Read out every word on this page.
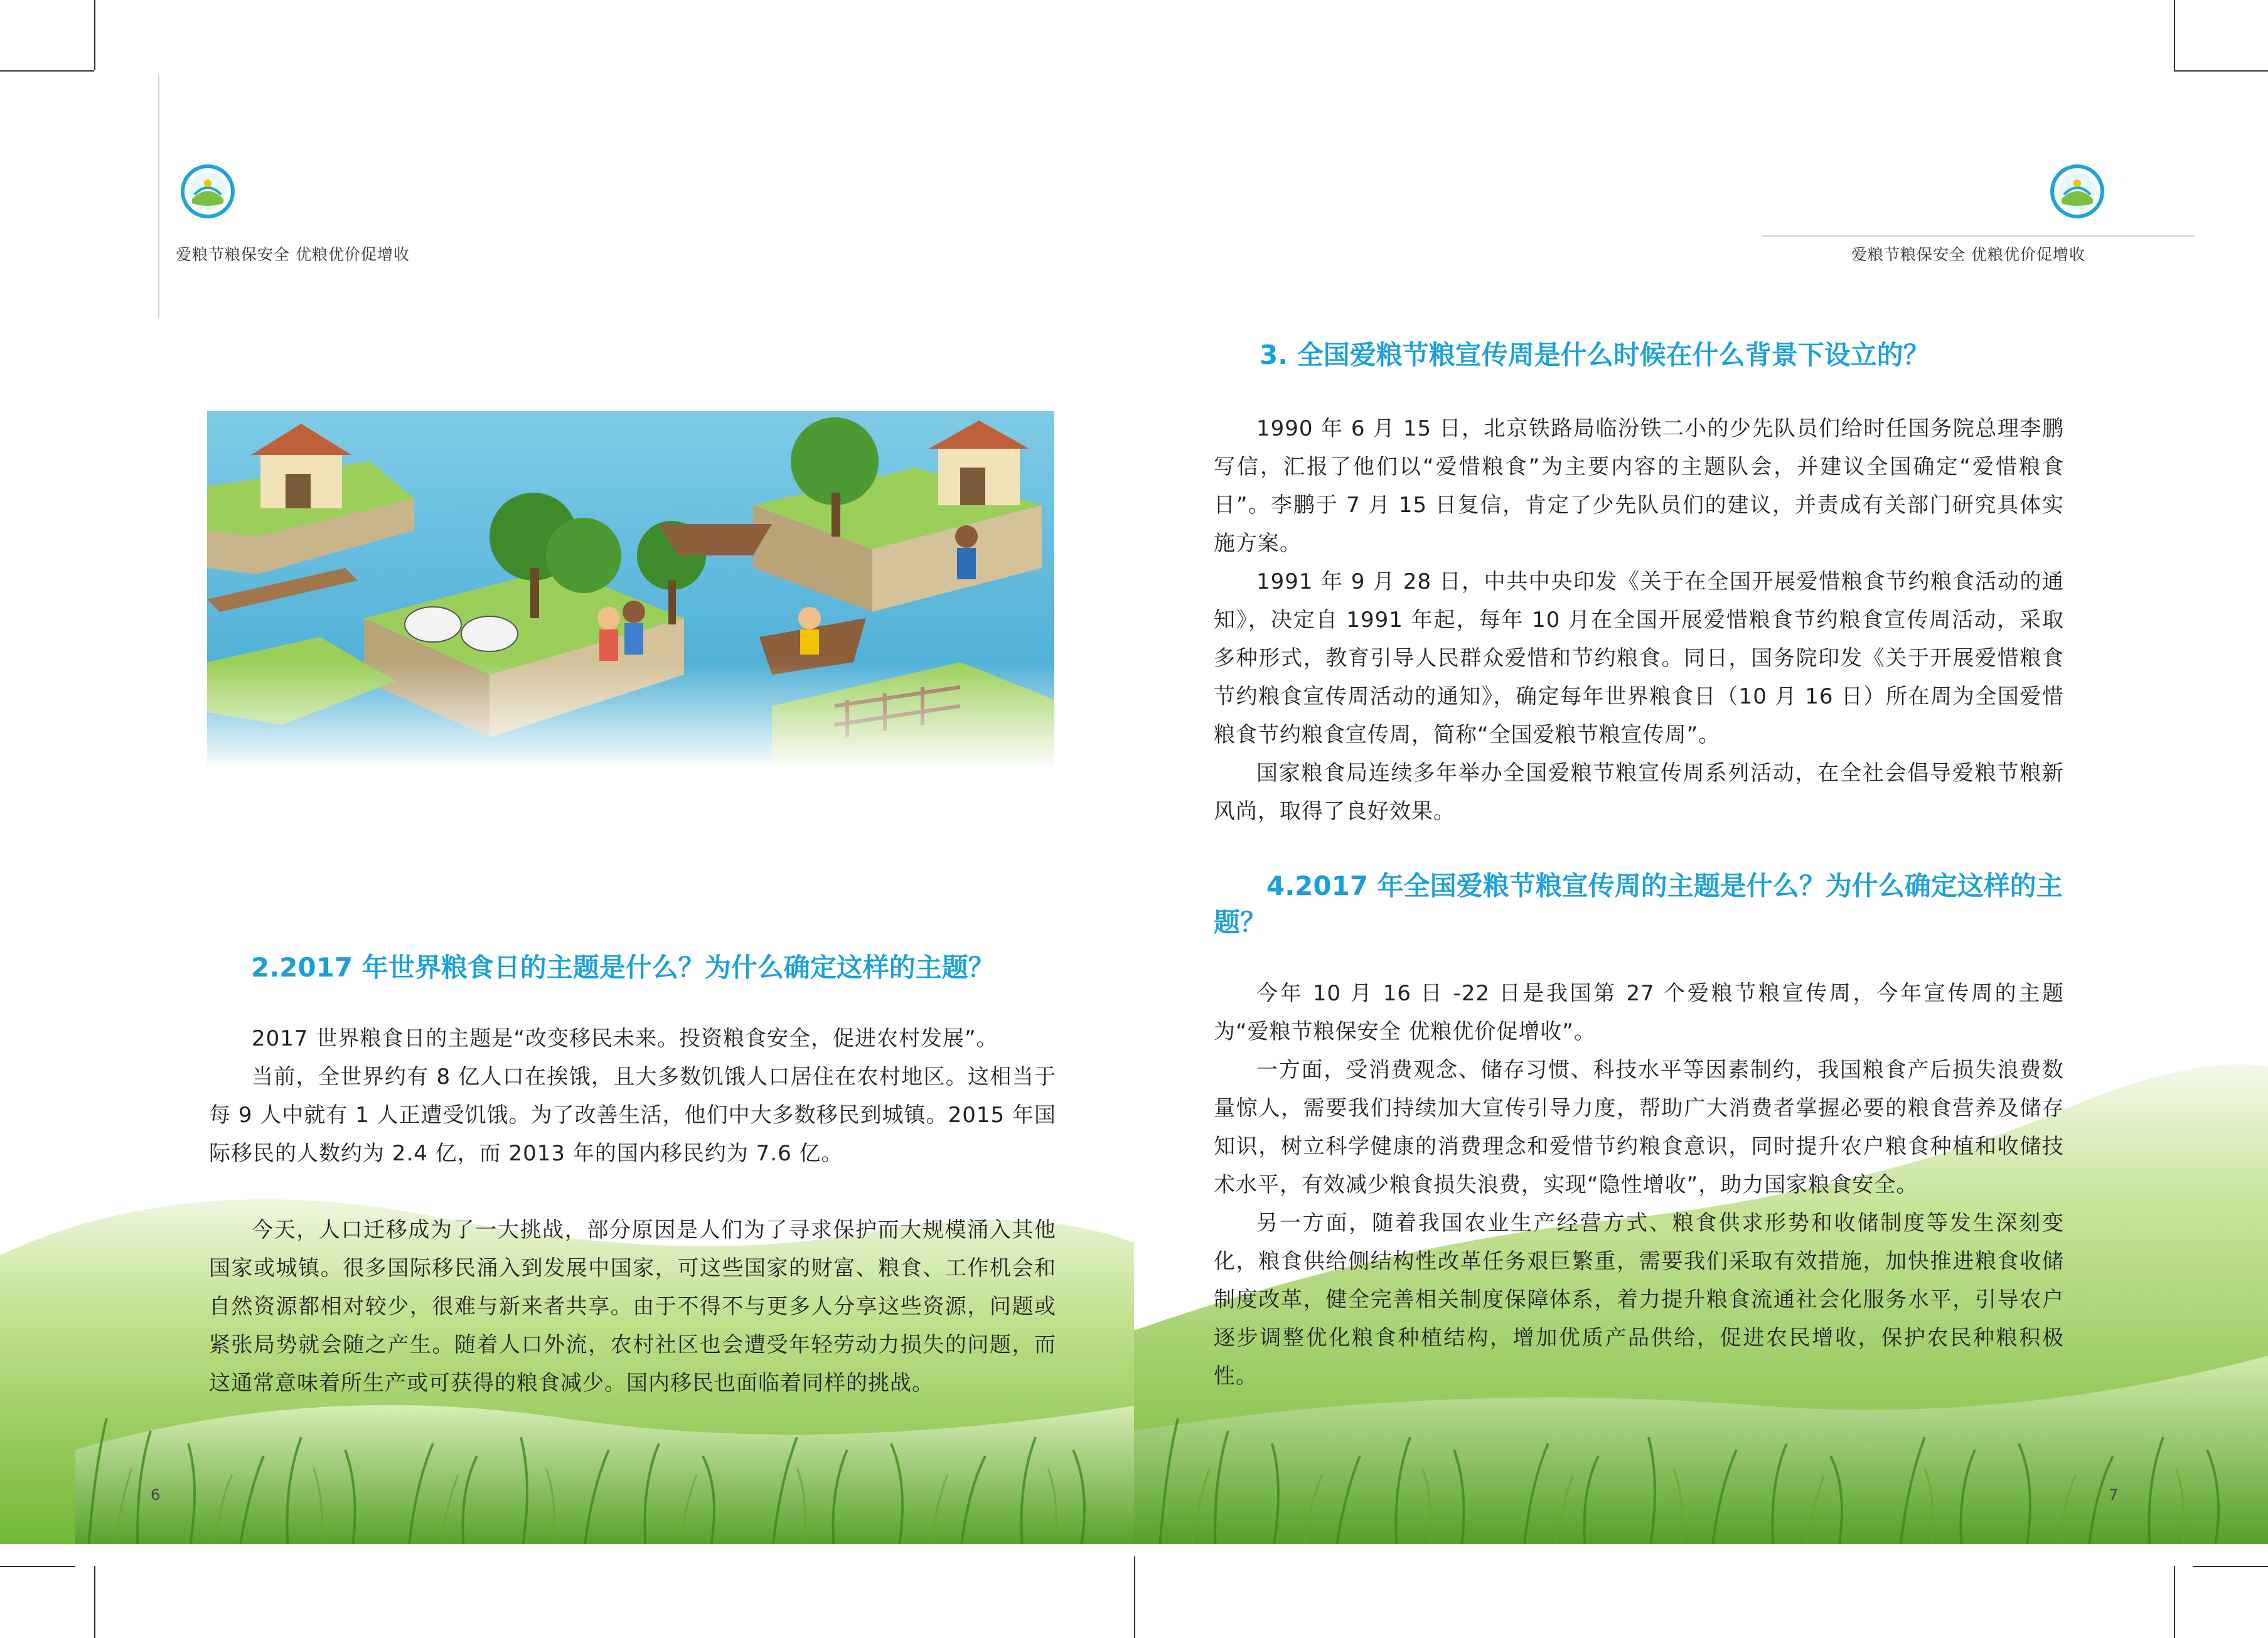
爱粮节粮保安全 优粮优价促增收
2.2017 年世界粮食日的主题是什么？为什么确定这样的主题？

2017 世界粮食日的主题是“改变移民未来。投资粮食安全，促进农村发展”。

当前，全世界约有 8 亿人口在挨饿，且大多数饥饿人口居住在农村地区。这相当于每 9 人中就有 1 人正遭受饥饿。为了改善生活，他们中大多数移民到城镇。2015 年国际移民的人数约为 2.4 亿，而 2013 年的国内移民约为 7.6 亿。

今天，人口迁移成为了一大挑战，部分原因是人们为了寻求保护而大规模涌入其他国家或城镇。很多国际移民涌入到发展中国家，可这些国家的财富、粮食、工作机会和自然资源都相对较少，很难与新来者共享。由于不得不与更多人分享这些资源，问题或紧张局势就会随之产生。随着人口外流，农村社区也会遭受年轻劳动力损失的问题，而这通常意味着所生产或可获得的粮食减少。国内移民也面临着同样的挑战。

6
爱粮节粮保安全 优粮优价促增收
3. 全国爱粮节粮宣传周是什么时候在什么背景下设立的？

1990 年 6 月 15 日，北京铁路局临汾铁二小的少先队员们给时任国务院总理李鹏写信，汇报了他们以“爱惜粮食”为主要内容的主题队会，并建议全国确定“爱惜粮食日”。李鹏于 7 月 15 日复信，肯定了少先队员们的建议，并责成有关部门研究具体实施方案。

1991 年 9 月 28 日，中共中央印发《关于在全国开展爱惜粮食节约粮食活动的通知》，决定自 1991 年起，每年 10 月在全国开展爱惜粮食节约粮食宣传周活动，采取多种形式，教育引导人民群众爱惜和节约粮食。同日，国务院印发《关于开展爱惜粮食节约粮食宣传周活动的通知》，确定每年世界粮食日（10 月 16 日）所在周为全国爱惜粮食节约粮食宣传周，简称“全国爱粮节粮宣传周”。

国家粮食局连续多年举办全国爱粮节粮宣传周系列活动，在全社会倡导爱粮节粮新风尚，取得了良好效果。

4.2017 年全国爱粮节粮宣传周的主题是什么？为什么确定这样的主题？

今年 10 月 16 日 -22 日是我国第 27 个爱粮节粮宣传周，今年宣传周的主题为“爱粮节粮保安全 优粮优价促增收”。

一方面，受消费观念、储存习惯、科技水平等因素制约，我国粮食产后损失浪费数量惊人，需要我们持续加大宣传引导力度，帮助广大消费者掌握必要的粮食营养及储存知识，树立科学健康的消费理念和爱惜节约粮食意识，同时提升农户粮食种植和收储技术水平，有效减少粮食损失浪费，实现“隐性增收”，助力国家粮食安全。

另一方面，随着我国农业生产经营方式、粮食供求形势和收储制度等发生深刻变化，粮食供给侧结构性改革任务艰巨繁重，需要我们采取有效措施，加快推进粮食收储制度改革，健全完善相关制度保障体系，着力提升粮食流通社会化服务水平，引导农户逐步调整优化粮食种植结构，增加优质产品供给，促进农民增收，保护农民种粮积极性。

7
